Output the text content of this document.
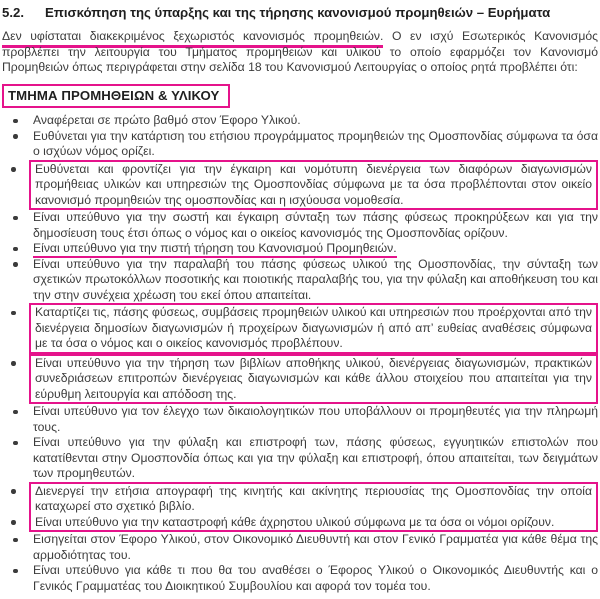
5.2.	Επισκόπηση της ύπαρξης και της τήρησης κανονισμού προμηθειών – Ευρήματα
Δεν υφίσταται διακεκριμένος ξεχωριστός κανονισμός προμηθειών. Ο εν ισχύ Εσωτερικός Κανονισμός προβλέπει την λειτουργία του Τμήματος προμηθειών και υλικού το οποίο εφαρμόζει τον Κανονισμό Προμηθειών όπως περιγράφεται στην σελίδα 18 του Κανονισμού Λειτουργίας ο οποίος ρητά προβλέπει ότι:
ΤΜΗΜΑ ΠΡΟΜΗΘΕΙΩΝ & ΥΛΙΚΟΥ
Αναφέρεται σε πρώτο βαθμό στον Έφορο Υλικού.
Ευθύνεται για την κατάρτιση του ετήσιου προγράμματος προμηθειών της Ομοσπονδίας σύμφωνα τα όσα ο ισχύων νόμος ορίζει.
Ευθύνεται και φροντίζει για την έγκαιρη και νομότυπη διενέργεια των διαφόρων διαγωνισμών προμήθειας υλικών και υπηρεσιών της Ομοσπονδίας σύμφωνα με τα όσα προβλέπονται στον οικείο κανονισμό προμηθειών της ομοσπονδίας και η ισχύουσα νομοθεσία.
Είναι υπεύθυνο για την σωστή και έγκαιρη σύνταξη των πάσης φύσεως προκηρύξεων και για την δημοσίευση τους έτσι όπως ο νόμος και ο οικείος κανονισμός της Ομοσπονδίας ορίζουν.
Είναι υπεύθυνο για την πιστή τήρηση του Κανονισμού Προμηθειών.
Είναι υπεύθυνο για την παραλαβή του πάσης φύσεως υλικού της Ομοσπονδίας, την σύνταξη των σχετικών πρωτοκόλλων ποσοτικής και ποιοτικής παραλαβής του, για την φύλαξη και αποθήκευση του και την στην συνέχεια χρέωση του εκεί όπου απαιτείται.
Καταρτίζει τις, πάσης φύσεως, συμβάσεις προμηθειών υλικού και υπηρεσιών που προέρχονται από την διενέργεια δημοσίων διαγωνισμών ή προχείρων διαγωνισμών ή από απ’ ευθείας αναθέσεις σύμφωνα με τα όσα ο νόμος και ο οικείος κανονισμός προβλέπουν.
Είναι υπεύθυνο για την τήρηση των βιβλίων αποθήκης υλικού, διενέργειας διαγωνισμών, πρακτικών συνεδριάσεων επιτροπών διενέργειας διαγωνισμών και κάθε άλλου στοιχείου που απαιτείται για την εύρυθμη λειτουργία και απόδοση της.
Είναι υπεύθυνο για τον έλεγχο των δικαιολογητικών που υποβάλλουν οι προμηθευτές για την πληρωμή τους.
Είναι υπεύθυνο για την φύλαξη και επιστροφή των, πάσης φύσεως, εγγυητικών επιστολών που κατατίθενται στην Ομοσπονδία όπως και για την φύλαξη και επιστροφή, όπου απαιτείται, των δειγμάτων των προμηθευτών.
Διενεργεί την ετήσια απογραφή της κινητής και ακίνητης περιουσίας της Ομοσπονδίας την οποία καταχωρεί στο σχετικό βιβλίο.
Είναι υπεύθυνο για την καταστροφή κάθε άχρηστου υλικού σύμφωνα με τα όσα οι νόμοι ορίζουν.
Εισηγείται στον Έφορο Υλικού, στον Οικονομικό Διευθυντή και στον Γενικό Γραμματέα για κάθε θέμα της αρμοδιότητας του.
Είναι υπεύθυνο για κάθε τι που θα του αναθέσει ο Έφορος Υλικού ο Οικονομικός Διευθυντής και ο Γενικός Γραμματέας του Διοικητικού Συμβουλίου και αφορά τον τομέα του.
